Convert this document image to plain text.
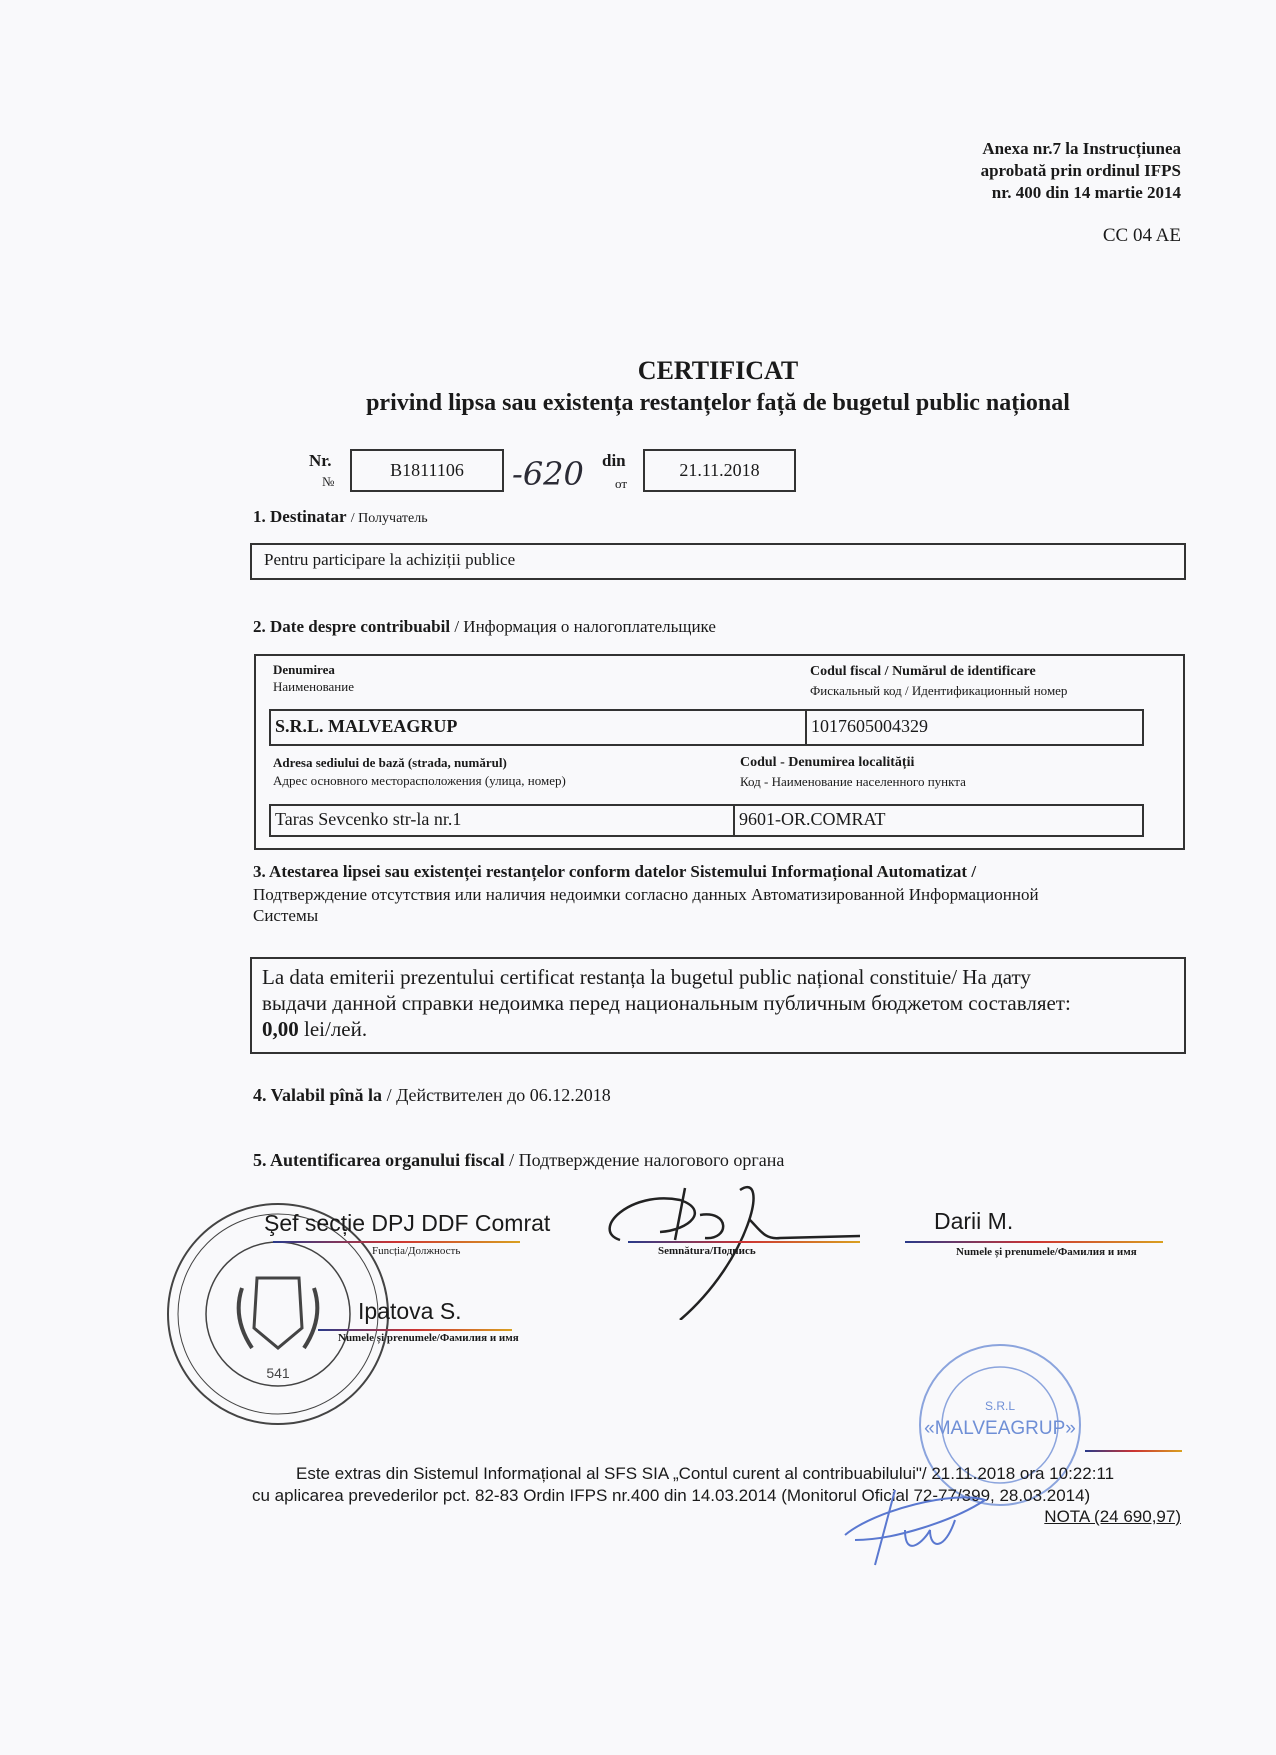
Anexa nr.7 la Instrucțiunea
aprobată prin ordinul IFPS
nr. 400 din 14 martie 2014
CC 04 AE
CERTIFICAT
privind lipsa sau existența restanțelor față de bugetul public național
Nr.
№
B1811106	-620 din
от
21.11.2018
1. Destinatar / Получатель
Pentru participare la achiziții publice
2. Date despre contribuabil / Информация о налогоплательщике
Denumirea
Наименование
Codul fiscal / Numărul de identificare
Фискальный код / Идентификационный номер
S.R.L. MALVEAGRUP	1017605004329
Adresa sediului de bază (strada, numărul)
Адрес основного месторасположения (улица, номер)
Codul - Denumirea localității
Код - Наименование населенного пункта
Taras Sevcenko str-la nr.1	9601-OR.COMRAT
3. Atestarea lipsei sau existenței restanțelor conform datelor Sistemului Informațional Automatizat /
Подтверждение отсутствия или наличия недоимки согласно данных Автоматизированной Информационной
Системы
La data emiterii prezentului certificat restanța la bugetul public național constituie/ На дату
выдачи данной справки недоимка перед национальным публичным бюджетом составляет:
0,00 lei/лей.
4. Valabil pînă la / Действителен до 06.12.2018
5. Autentificarea organului fiscal / Подтверждение налогового органа
541
Şef secție DPJ DDF Comrat
Funcția/Должность	Semnătura/Подпись
Darii M.
Numele și prenumele/Фамилия и имя
Ipatova S.
Numele și prenumele/Фамилия и имя
S.R.L
«MALVEAGRUP»
Este extras din Sistemul Informațional al SFS SIA „Contul curent al contribuabilului"/ 21.11.2018 ora 10:22:11
cu aplicarea prevederilor pct. 82-83 Ordin IFPS nr.400 din 14.03.2014 (Monitorul Oficial 72-77/399, 28.03.2014)
NOTA (24 690,97)
